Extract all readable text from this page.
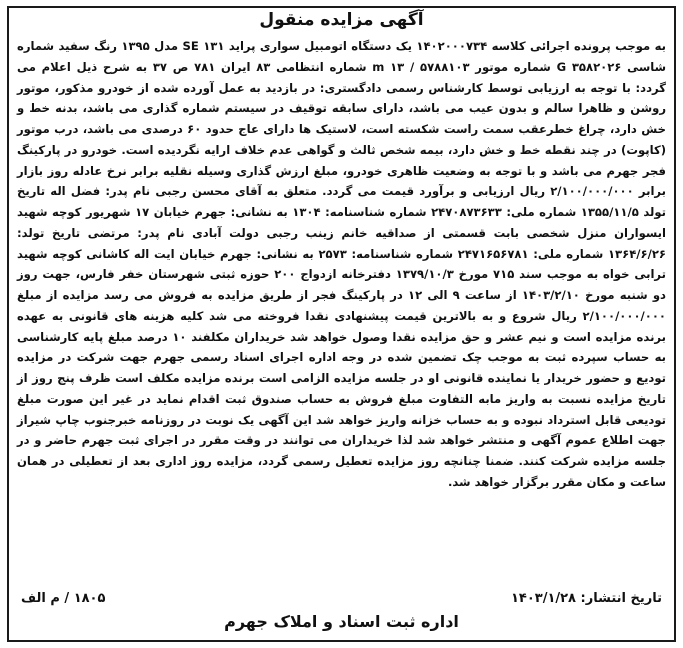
آگهی مزایده منقول
به موجب پرونده اجرائی کلاسه ۱۴۰۲۰۰۰۷۳۴ یک دستگاه اتومبیل سواری پراید ۱۳۱ SE مدل ۱۳۹۵ رنگ سفید شماره شاسی G ۳۵۸۲۰۲۶ شماره موتور ۵۷۸۸۱۰۳ / m ۱۳ شماره انتظامی ۸۳ ایران ۷۸۱ ص ۳۷ به شرح ذیل اعلام می گردد: با توجه به ارزیابی توسط کارشناس رسمی دادگستری: در بازدید به عمل آورده شده از خودرو مذکور، موتور روشن و ظاهرا سالم و بدون عیب می باشد، دارای سابقه توقیف در سیستم شماره گذاری می باشد، بدنه خط و خش دارد، چراغ خطرعقب سمت راست شکسته است، لاستیک ها دارای عاج حدود ۶۰ درصدی می باشد، درب موتور (کاپوت) در چند نقطه خط و خش دارد، بیمه شخص ثالث و گواهی عدم خلاف ارایه نگردیده است. خودرو در پارکینگ فجر جهرم می باشد و با توجه به وضعیت ظاهری خودرو، مبلغ ارزش گذاری وسیله نقلیه برابر نرخ عادله روز بازار برابر ۲/۱۰۰/۰۰۰/۰۰۰ ریال ارزیابی و برآورد قیمت می گردد. متعلق به آقای محسن رجبی نام پدر: فضل اله تاریخ تولد ۱۳۵۵/۱۱/۵ شماره ملی: ۲۴۷۰۸۷۳۶۳۳ شماره شناسنامه: ۱۳۰۴ به نشانی: جهرم خیابان ۱۷ شهریور کوچه شهید ایسواران منزل شخصی بابت قسمتی از صداقیه خانم زینب رجبی دولت آبادی نام پدر: مرتضی تاریخ تولد: ۱۳۶۴/۶/۲۶ شماره ملی: ۲۴۷۱۶۵۶۷۸۱ شماره شناسنامه: ۲۵۷۳ به نشانی: جهرم خیابان ایت اله کاشانی کوچه شهید ترابی خواه به موجب سند ۷۱۵ مورخ ۱۳۷۹/۱۰/۳ دفترخانه ازدواج ۲۰۰ حوزه ثبتی شهرستان خفر فارس، جهت روز دو شنبه مورخ ۱۴۰۳/۲/۱۰ از ساعت ۹ الی ۱۲ در پارکینگ فجر از طریق مزایده به فروش می رسد مزایده از مبلغ ۲/۱۰۰/۰۰۰/۰۰۰ ریال شروع و به بالاترین قیمت پیشنهادی نقدا فروخته می شد کلیه هزینه های قانونی به عهده برنده مزایده است و نیم عشر و حق مزایده نقدا وصول خواهد شد خریداران مکلفند ۱۰ درصد مبلغ پایه کارشناسی به حساب سپرده ثبت به موجب چک تضمین شده در وجه اداره اجرای اسناد رسمی جهرم جهت شرکت در مزایده تودیع و حضور خریدار یا نماینده قانونی او در جلسه مزایده الزامی است برنده مزایده مکلف است ظرف پنج روز از تاریخ مزایده نسبت به واریز مابه التفاوت مبلغ فروش به حساب صندوق ثبت اقدام نماید در غیر این صورت مبلغ تودیعی قابل استرداد نبوده و به حساب خزانه واریز خواهد شد این آگهی یک نوبت در روزنامه خبرجنوب چاپ شیراز جهت اطلاع عموم آگهی و منتشر خواهد شد لذا خریداران می توانند در وقت مقرر در اجرای ثبت جهرم حاضر و در جلسه مزایده شرکت کنند. ضمنا چنانچه روز مزایده تعطیل رسمی گردد، مزایده روز اداری بعد از تعطیلی در همان ساعت و مکان مقرر برگزار خواهد شد.
تاریخ انتشار: ۱۴۰۳/۱/۲۸
۱۸۰۵ / م الف
اداره ثبت اسناد و املاک جهرم
